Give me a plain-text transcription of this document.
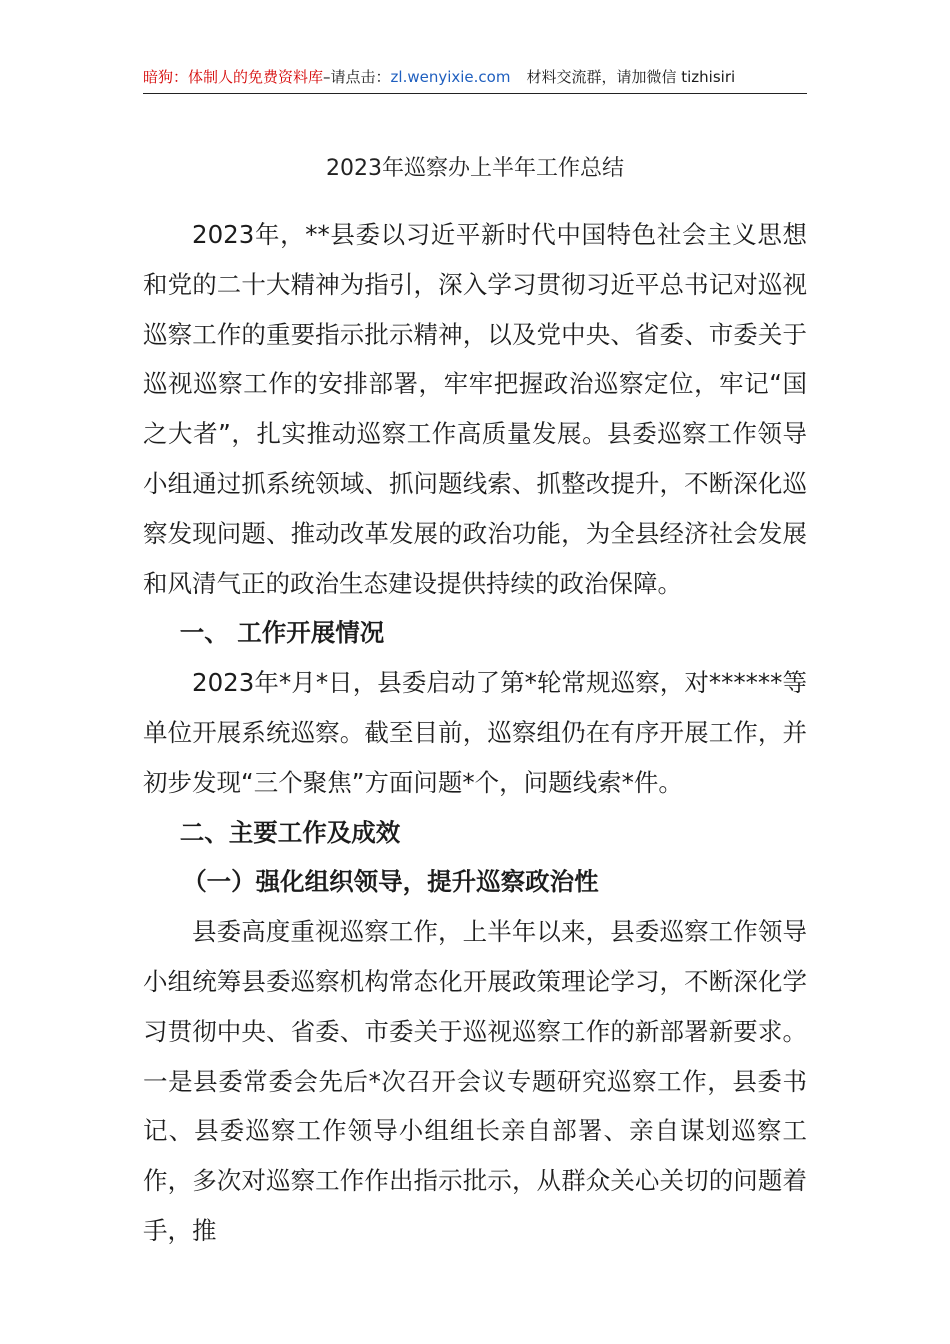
暗狗：体制人的免费资料库–请点击：zl.wenyixie.com 材料交流群，请加微信 tizhisiri
2023年巡察办上半年工作总结

2023年，**县委以习近平新时代中国特色社会主义思想和党的二十大精神为指引，深入学习贯彻习近平总书记对巡视巡察工作的重要指示批示精神，以及党中央、省委、市委关于巡视巡察工作的安排部署，牢牢把握政治巡察定位，牢记“国之大者”，扎实推动巡察工作高质量发展。县委巡察工作领导小组通过抓系统领域、抓问题线索、抓整改提升，不断深化巡察发现问题、推动改革发展的政治功能，为全县经济社会发展和风清气正的政治生态建设提供持续的政治保障。

一、 工作开展情况

2023年*月*日，县委启动了第*轮常规巡察，对******等单位开展系统巡察。截至目前，巡察组仍在有序开展工作，并初步发现“三个聚焦”方面问题*个，问题线索*件。

二、主要工作及成效

（一）强化组织领导，提升巡察政治性

县委高度重视巡察工作，上半年以来，县委巡察工作领导小组统筹县委巡察机构常态化开展政策理论学习，不断深化学习贯彻中央、省委、市委关于巡视巡察工作的新部署新要求。一是县委常委会先后*次召开会议专题研究巡察工作，县委书记、县委巡察工作领导小组组长亲自部署、亲自谋划巡察工作，多次对巡察工作作出指示批示，从群众关心关切的问题着手，推
